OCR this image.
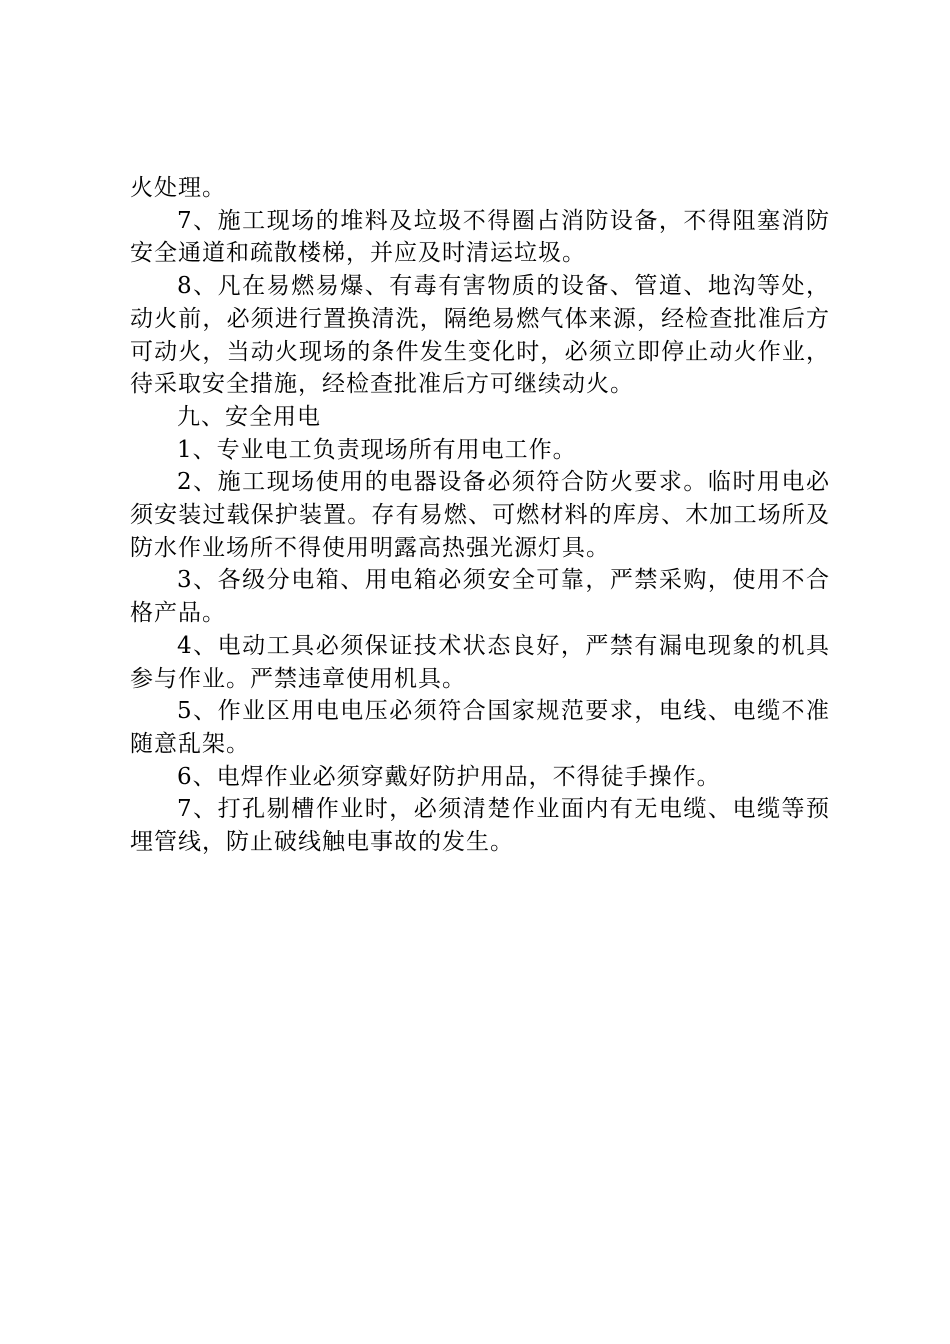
火处理。

7、施工现场的堆料及垃圾不得圈占消防设备，不得阻塞消防安全通道和疏散楼梯，并应及时清运垃圾。

8、凡在易燃易爆、有毒有害物质的设备、管道、地沟等处，动火前，必须进行置换清洗，隔绝易燃气体来源，经检查批准后方可动火，当动火现场的条件发生变化时，必须立即停止动火作业，待采取安全措施，经检查批准后方可继续动火。

九、安全用电

1、专业电工负责现场所有用电工作。

2、施工现场使用的电器设备必须符合防火要求。临时用电必须安装过载保护装置。存有易燃、可燃材料的库房、木加工场所及防水作业场所不得使用明露高热强光源灯具。

3、各级分电箱、用电箱必须安全可靠，严禁采购，使用不合格产品。

4、电动工具必须保证技术状态良好，严禁有漏电现象的机具参与作业。严禁违章使用机具。

5、作业区用电电压必须符合国家规范要求，电线、电缆不准随意乱架。

6、电焊作业必须穿戴好防护用品，不得徒手操作。

7、打孔剔槽作业时，必须清楚作业面内有无电缆、电缆等预埋管线，防止破线触电事故的发生。
